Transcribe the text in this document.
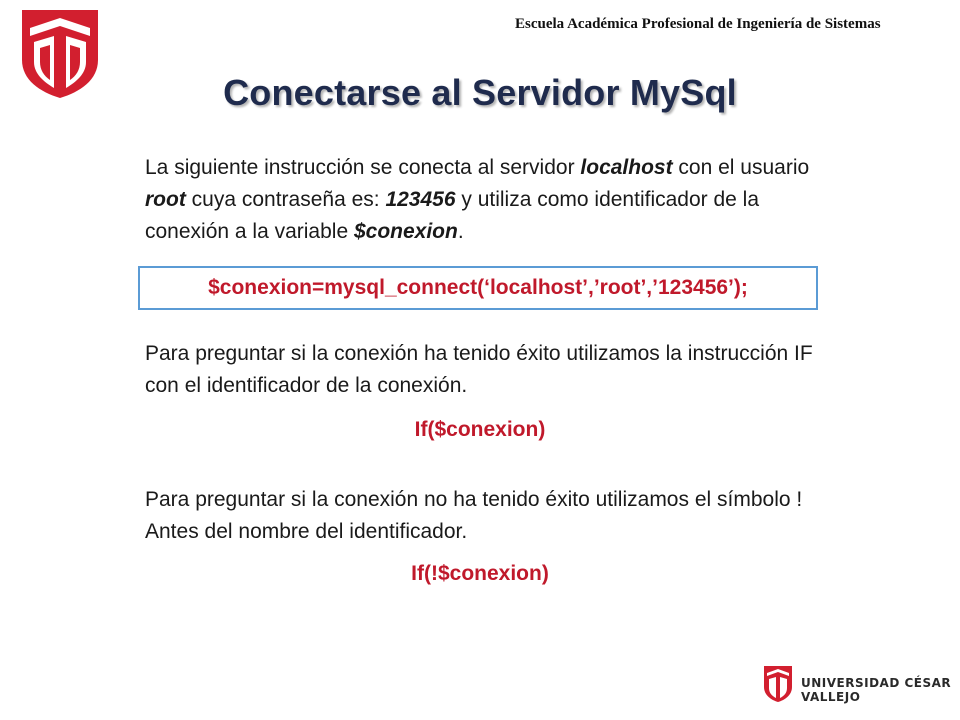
Escuela Académica Profesional de Ingeniería de Sistemas
Conectarse al Servidor MySql
La siguiente instrucción se conecta al servidor localhost con el usuario root cuya contraseña es: 123456 y utiliza como identificador de la conexión a la variable $conexion.
$conexion=mysql_connect(‘localhost’,’root’,’123456’);
Para preguntar si la conexión ha tenido éxito utilizamos la instrucción IF con el identificador de la conexión.
If($conexion)
Para preguntar si la conexión no ha tenido éxito utilizamos el símbolo ! Antes del nombre del identificador.
If(!$conexion)
UNIVERSIDAD CÉSAR VALLEJO
